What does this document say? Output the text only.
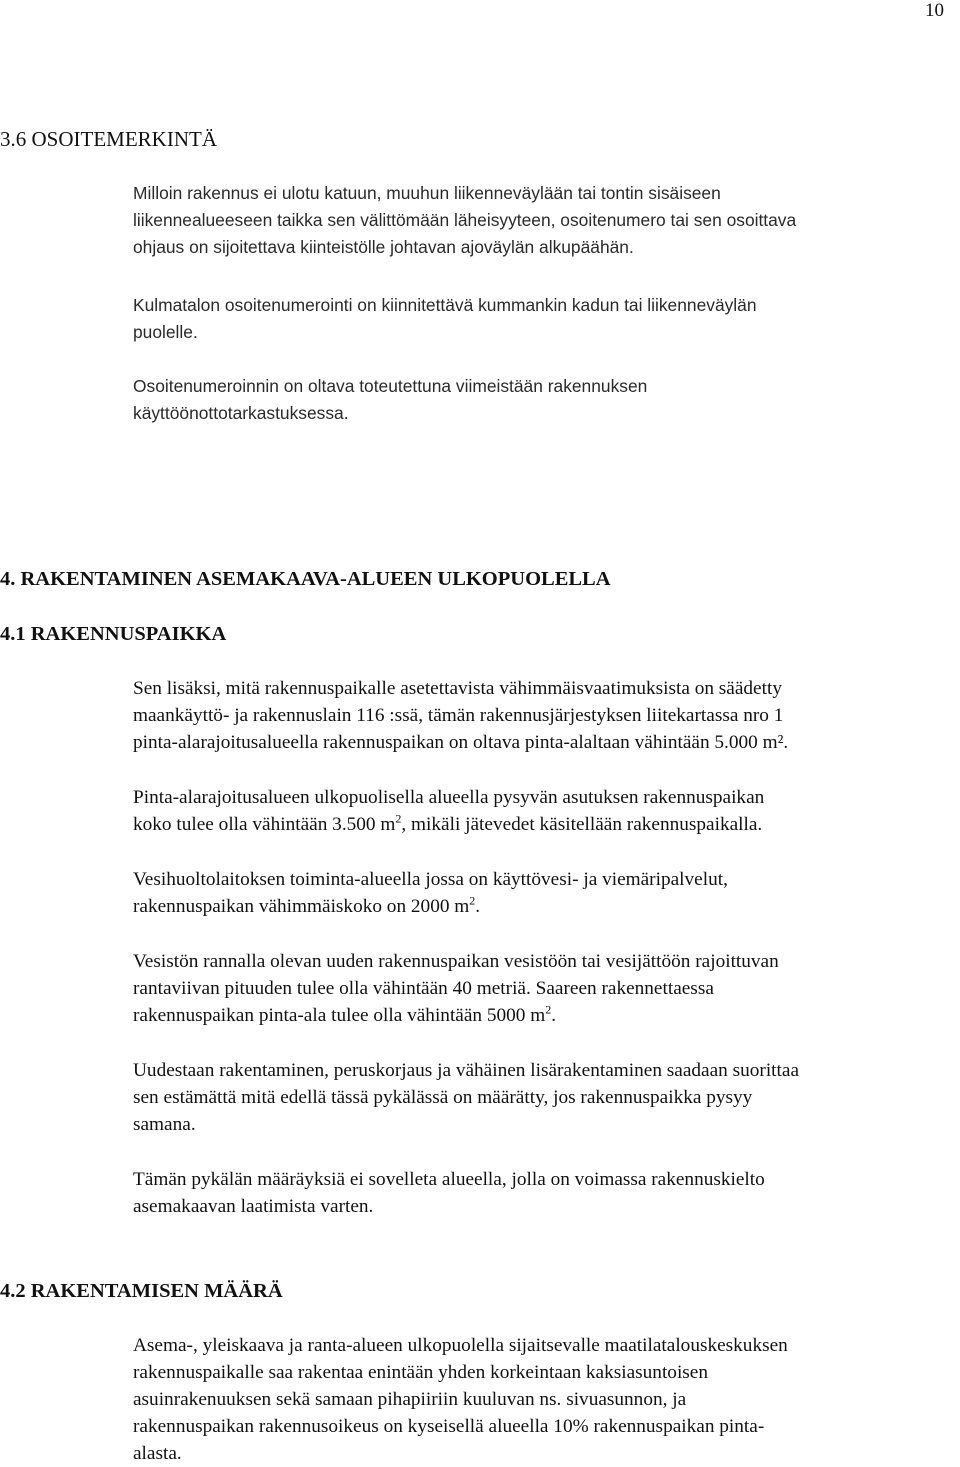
10
3.6 OSOITEMERKINTÄ
Milloin rakennus ei ulotu katuun, muuhun liikenneväylään tai tontin sisäiseen
liikennealueeseen taikka sen välittömään läheisyyteen, osoitenumero tai sen osoittava
ohjaus on sijoitettava kiinteistölle johtavan ajoväylän alkupäähän.
Kulmatalon osoitenumerointi on kiinnitettävä kummankin kadun tai liikenneväylän
puolelle.
Osoitenumeroinnin on oltava toteutettuna viimeistään rakennuksen
käyttöönottotarkastuksessa.
4. RAKENTAMINEN ASEMAKAAVA-ALUEEN ULKOPUOLELLA
4.1 RAKENNUSPAIKKA
Sen lisäksi, mitä rakennuspaikalle asetettavista vähimmäisvaatimuksista on säädetty
maankäyttö- ja rakennuslain 116 :ssä, tämän rakennusjärjestyksen liitekartassa nro 1
pinta-alarajoitusalueella rakennuspaikan on oltava pinta-alaltaan vähintään 5.000 m².
Pinta-alarajoitusalueen ulkopuolisella alueella pysyvän asutuksen rakennuspaikan
koko tulee olla vähintään 3.500 $m^2$, mikäli jätevedet käsitellään rakennuspaikalla.
Vesihuoltolaitoksen toiminta-alueella jossa on käyttövesi- ja viemäripalvelut,
rakennuspaikan vähimmäiskoko on 2000 $m^2$.
Vesistön rannalla olevan uuden rakennuspaikan vesistöön tai vesijättöön rajoittuvan
rantaviivan pituuden tulee olla vähintään 40 metriä. Saareen rakennettaessa
rakennuspaikan pinta-ala tulee olla vähintään 5000 $m^2$.
Uudestaan rakentaminen, peruskorjaus ja vähäinen lisärakentaminen saadaan suorittaa
sen estämättä mitä edellä tässä pykälässä on määrätty, jos rakennuspaikka pysyy
samana.
Tämän pykälän määräyksiä ei sovelleta alueella, jolla on voimassa rakennuskielto
asemakaavan laatimista varten.
4.2 RAKENTAMISEN MÄÄRÄ
Asema-, yleiskaava ja ranta-alueen ulkopuolella sijaitsevalle maatilatalouskeskuksen
rakennuspaikalle saa rakentaa enintään yhden korkeintaan kaksiasuntoisen
asuinrakenuuksen sekä samaan pihapiiriin kuuluvan ns. sivuasunnon, ja
rakennuspaikan rakennusoikeus on kyseisellä alueella 10% rakennuspaikan pinta-
alasta.
